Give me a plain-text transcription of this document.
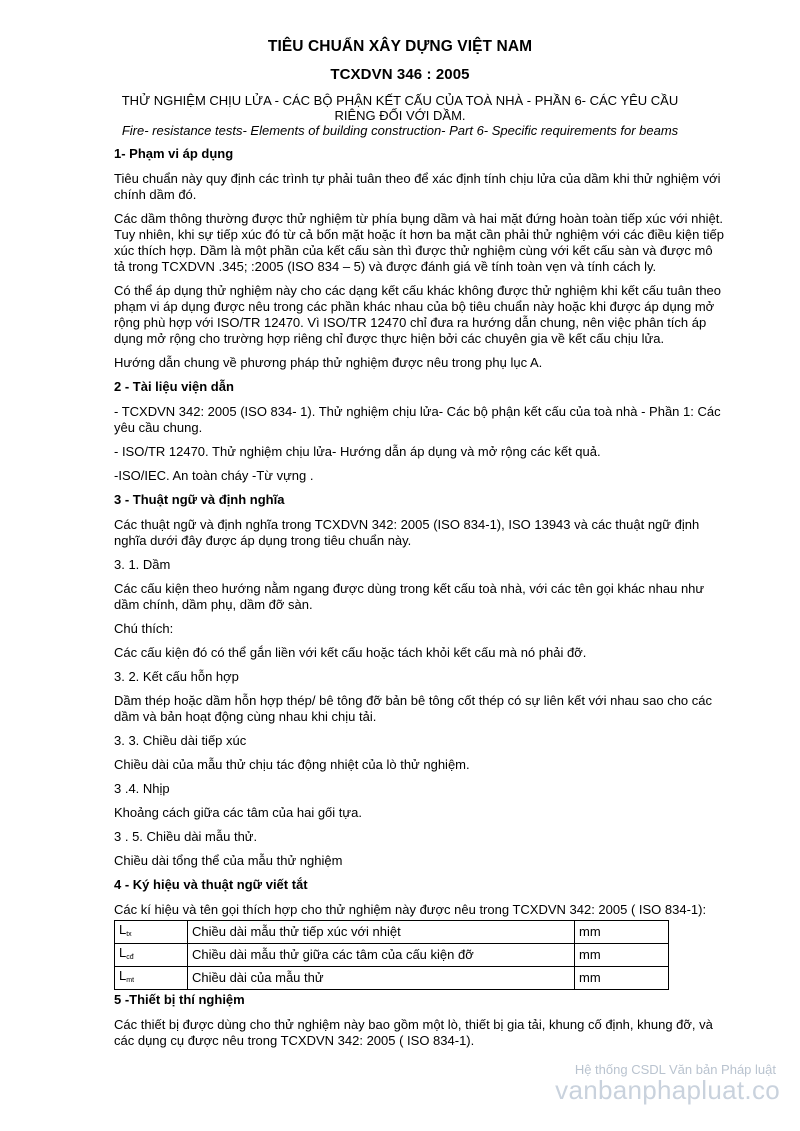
TIÊU CHUẨN XÂY DỰNG VIỆT NAM
TCXDVN 346 : 2005
THỬ NGHIỆM CHỊU LỬA - CÁC BỘ PHẬN KẾT CẤU CỦA TOÀ NHÀ - PHẦN 6- CÁC YÊU CẦU RIÊNG ĐỐI VỚI DẦM.
Fire- resistance tests- Elements of building construction- Part 6- Specific requirements for beams

1- Phạm vi áp dụng

Tiêu chuẩn này quy định các trình tự phải tuân theo để xác định tính chịu lửa của dầm khi thử nghiệm với chính dầm đó.

Các dầm thông thường được thử nghiệm từ phía bụng dầm và hai mặt đứng hoàn toàn tiếp xúc với nhiệt. Tuy nhiên, khi sự tiếp xúc đó từ cả bốn mặt hoặc ít hơn ba mặt cần phải thử nghiệm với các điều kiện tiếp xúc thích hợp. Dầm là một phần của kết cấu sàn thì được thử nghiệm cùng với kết cấu sàn và được mô tả trong TCXDVN .345; :2005 (ISO 834 – 5) và được đánh giá về tính toàn vẹn và tính cách ly.

Có thể áp dụng thử nghiệm này cho các dạng kết cấu khác không được thử nghiệm khi kết cấu tuân theo phạm vi áp dụng được nêu trong các phần khác nhau của bộ tiêu chuẩn này hoặc khi được áp dụng mở rộng phù hợp với ISO/TR 12470. Vì ISO/TR 12470 chỉ đưa ra hướng dẫn chung, nên việc phân tích áp dụng mở rộng cho trường hợp riêng chỉ được thực hiện bởi các chuyên gia về kết cấu chịu lửa.

Hướng dẫn chung về phương pháp thử nghiệm được nêu trong phụ lục A.

2 - Tài liệu viện dẫn

- TCXDVN 342: 2005 (ISO 834- 1). Thử nghiệm chịu lửa- Các bộ phận kết cấu của toà nhà - Phần 1: Các yêu cầu chung.

- ISO/TR 12470. Thử nghiệm chịu lửa- Hướng dẫn áp dụng và mở rộng các kết quả.

-ISO/IEC. An toàn cháy -Từ vựng .

3 - Thuật ngữ và định nghĩa

Các thuật ngữ và định nghĩa trong TCXDVN 342: 2005 (ISO 834-1), ISO 13943 và các thuật ngữ định nghĩa dưới đây được áp dụng trong tiêu chuẩn này.

3. 1. Dầm

Các cấu kiện theo hướng nằm ngang được dùng trong kết cấu toà nhà, với các tên gọi khác nhau như dầm chính, dầm phụ, dầm đỡ sàn.

Chú thích:

Các cấu kiện đó có thể gắn liền với kết cấu hoặc tách khỏi kết cấu mà nó phải đỡ.

3. 2. Kết cấu hỗn hợp

Dầm thép hoặc dầm hỗn hợp thép/ bê tông đỡ bản bê tông cốt thép có sự liên kết với nhau sao cho các dầm và bản hoạt động cùng nhau khi chịu tải.

3. 3. Chiều dài tiếp xúc

Chiều dài của mẫu thử chịu tác động nhiệt của lò thử nghiệm.

3 .4. Nhịp

Khoảng cách giữa các tâm của hai gối tựa.

3 . 5. Chiều dài mẫu thử.

Chiều dài tổng thể của mẫu thử nghiệm

4 - Ký hiệu và thuật ngữ viết tắt

Các kí hiệu và tên gọi thích hợp cho thử nghiệm này được nêu trong TCXDVN 342: 2005 ( ISO 834-1):

$L_{tx}$	Chiều dài mẫu thử tiếp xúc với nhiệt	mm
$L_{cđ}$	Chiều dài mẫu thử giữa các tâm của cấu kiện đỡ	mm
$L_{mt}$	Chiều dài của mẫu thử	mm

5 -Thiết bị thí nghiệm

Các thiết bị được dùng cho thử nghiệm này bao gồm một lò, thiết bị gia tải, khung cố định, khung đỡ, và các dụng cụ được nêu trong TCXDVN 342: 2005 ( ISO 834-1).

Hệ thống CSDL Văn bản Pháp luật
vanbanphapluat.co
